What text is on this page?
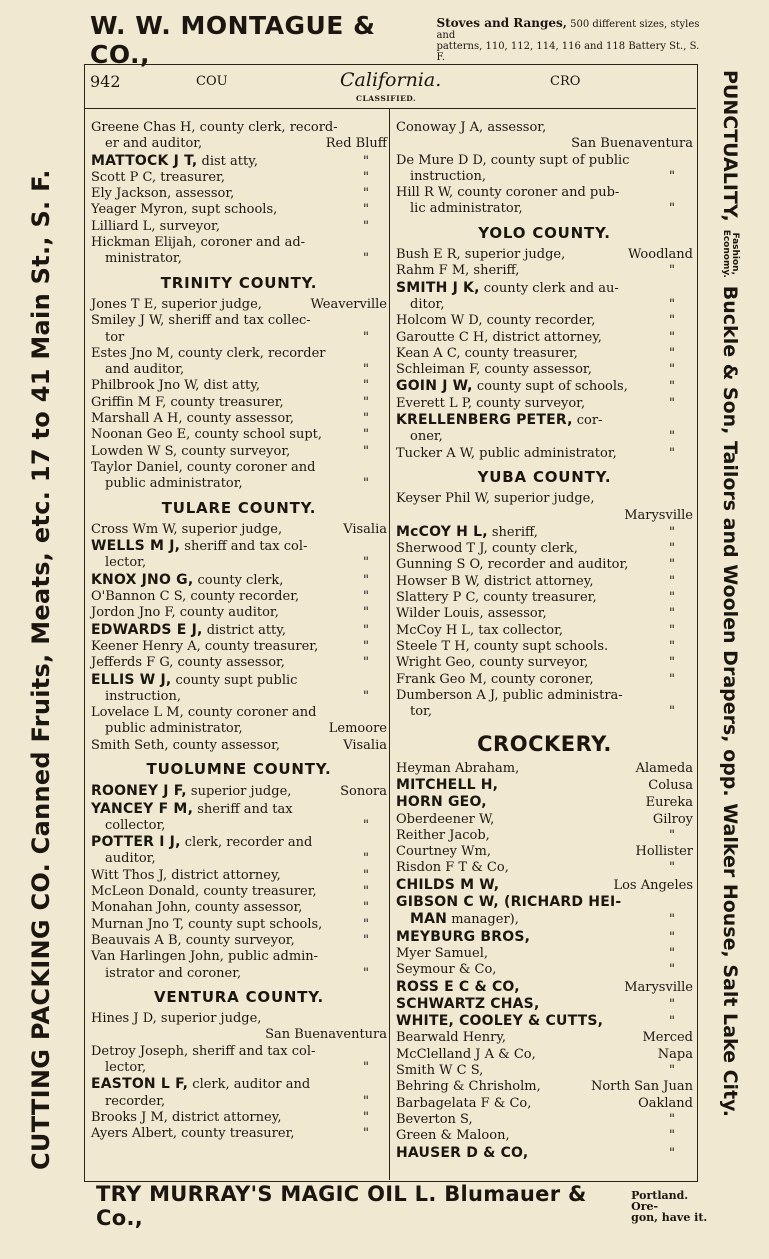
W. W. MONTAGUE & CO.,
Stoves and Ranges, 500 different sizes, styles and
patterns, 110, 112, 114, 116 and 118 Battery St., S. F.
CUTTING PACKING CO. Canned Fruits, Meats, etc. 17 to 41 Main St., S. F.
PUNCTUALITY,
Fashion,
Economy.
Buckle & Son, Tailors and Woolen Drapers, opp. Walker House, Salt Lake City.
942	COU	California.	CRO
CLASSIFIED.
Greene Chas H, county clerk, record-
er and auditor,	Red Bluff
MATTOCK J T, dist atty,	"
Scott P C, treasurer,	"
Ely Jackson, assessor,	"
Yeager Myron, supt schools,	"
Lilliard L, surveyor,	"
Hickman Elijah, coroner and ad-
ministrator,	"
TRINITY COUNTY.
Jones T E, superior judge,	Weaverville
Smiley J W, sheriff and tax collec-
tor	"
Estes Jno M, county clerk, recorder
and auditor,	"
Philbrook Jno W, dist atty,	"
Griffin M F, county treasurer,	"
Marshall A H, county assessor,	"
Noonan Geo E, county school supt,	"
Lowden W S, county surveyor,	"
Taylor Daniel, county coroner and
public administrator,	"
TULARE COUNTY.
Cross Wm W, superior judge,	Visalia
WELLS M J, sheriff and tax col-
lector,	"
KNOX JNO G, county clerk,	"
O'Bannon C S, county recorder,	"
Jordon Jno F, county auditor,	"
EDWARDS E J, district atty,	"
Keener Henry A, county treasurer,	"
Jefferds F G, county assessor,	"
ELLIS W J, county supt public
instruction,	"
Lovelace L M, county coroner and
public administrator,	Lemoore
Smith Seth, county assessor,	Visalia
TUOLUMNE COUNTY.
ROONEY J F, superior judge,	Sonora
YANCEY F M, sheriff and tax
collector,	"
POTTER I J, clerk, recorder and
auditor,	"
Witt Thos J, district attorney,	"
McLeon Donald, county treasurer,	"
Monahan John, county assessor,	"
Murnan Jno T, county supt schools,	"
Beauvais A B, county surveyor,	"
Van Harlingen John, public admin-
istrator and coroner,	"
VENTURA COUNTY.
Hines J D, superior judge,
San Buenaventura
Detroy Joseph, sheriff and tax col-
lector,	"
EASTON L F, clerk, auditor and
recorder,	"
Brooks J M, district attorney,	"
Ayers Albert, county treasurer,	"
Conoway J A, assessor,
San Buenaventura
De Mure D D, county supt of public
instruction,	"
Hill R W, county coroner and pub-
lic administrator,	"
YOLO COUNTY.
Bush E R, superior judge,	Woodland
Rahm F M, sheriff,	"
SMITH J K, county clerk and au-
ditor,	"
Holcom W D, county recorder,	"
Garoutte C H, district attorney,	"
Kean A C, county treasurer,	"
Schleiman F, county assessor,	"
GOIN J W, county supt of schools,	"
Everett L P, county surveyor,	"
KRELLENBERG PETER, cor-
oner,	"
Tucker A W, public administrator,	"
YUBA COUNTY.
Keyser Phil W, superior judge,
Marysville
McCOY H L, sheriff,	"
Sherwood T J, county clerk,	"
Gunning S O, recorder and auditor,	"
Howser B W, district attorney,	"
Slattery P C, county treasurer,	"
Wilder Louis, assessor,	"
McCoy H L, tax collector,	"
Steele T H, county supt schools.	"
Wright Geo, county surveyor,	"
Frank Geo M, county coroner,	"
Dumberson A J, public administra-
tor,	"
CROCKERY.
Heyman Abraham,	Alameda
MITCHELL H,	Colusa
HORN GEO,	Eureka
Oberdeener W,	Gilroy
Reither Jacob,	"
Courtney Wm,	Hollister
Risdon F T & Co,	"
CHILDS M W,	Los Angeles
GIBSON C W, (RICHARD HEI-
MAN manager),	"
MEYBURG BROS,	"
Myer Samuel,	"
Seymour & Co,	"
ROSS E C & CO,	Marysville
SCHWARTZ CHAS,	"
WHITE, COOLEY & CUTTS,	"
Bearwald Henry,	Merced
McClelland J A & Co,	Napa
Smith W C S,	"
Behring & Chrisholm,	North San Juan
Barbagelata F & Co,	Oakland
Beverton S,	"
Green & Maloon,	"
HAUSER D & CO,	"
TRY MURRAY'S MAGIC OIL L. Blumauer & Co.,
Portland. Ore-
gon, have it.
